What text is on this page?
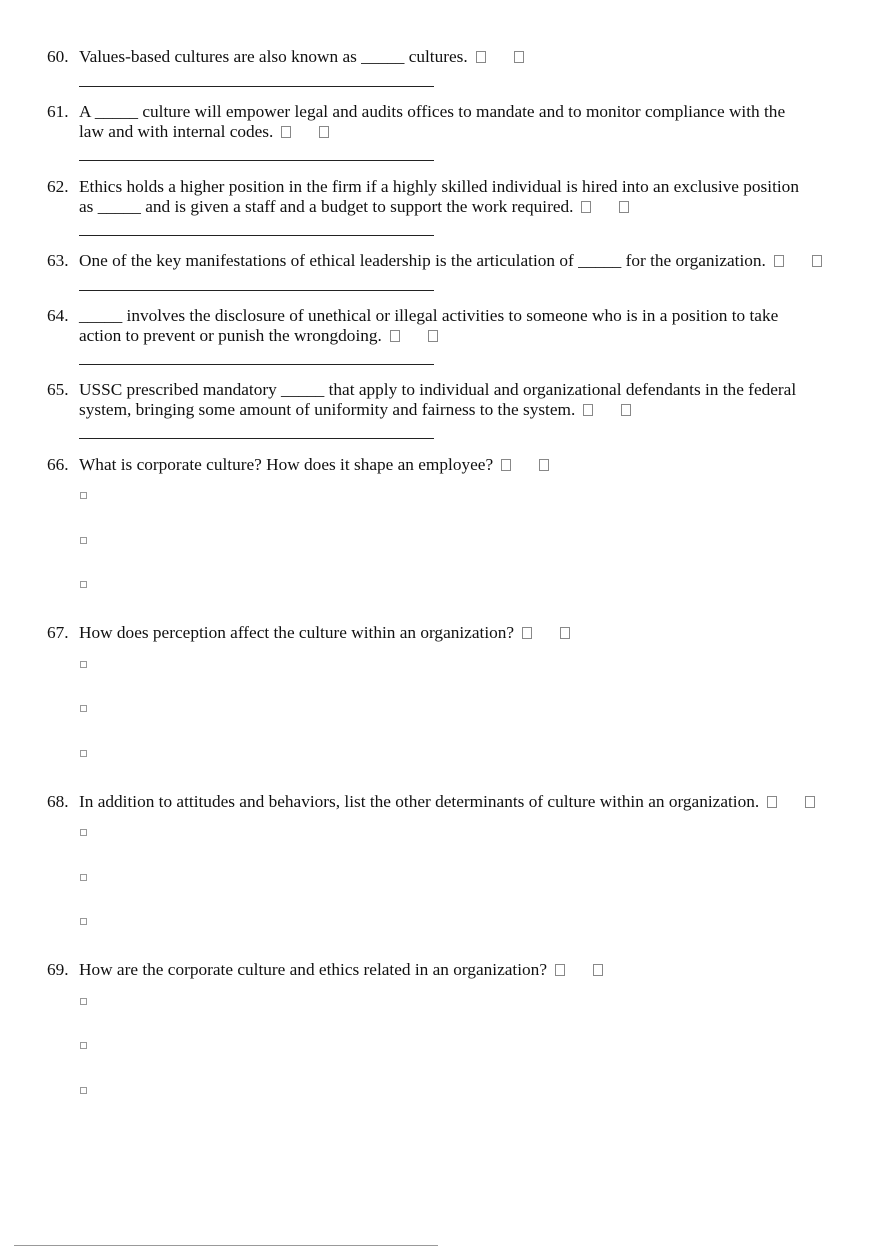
60. Values-based cultures are also known as _____ cultures.
61. A _____ culture will empower legal and audits offices to mandate and to monitor compliance with the
law and with internal codes.
62. Ethics holds a higher position in the firm if a highly skilled individual is hired into an exclusive position
as _____ and is given a staff and a budget to support the work required.
63. One of the key manifestations of ethical leadership is the articulation of _____ for the organization.
64. _____ involves the disclosure of unethical or illegal activities to someone who is in a position to take
action to prevent or punish the wrongdoing.
65. USSC prescribed mandatory _____ that apply to individual and organizational defendants in the federal
system, bringing some amount of uniformity and fairness to the system.
66. What is corporate culture? How does it shape an employee?
67. How does perception affect the culture within an organization?
68. In addition to attitudes and behaviors, list the other determinants of culture within an organization.
69. How are the corporate culture and ethics related in an organization?
